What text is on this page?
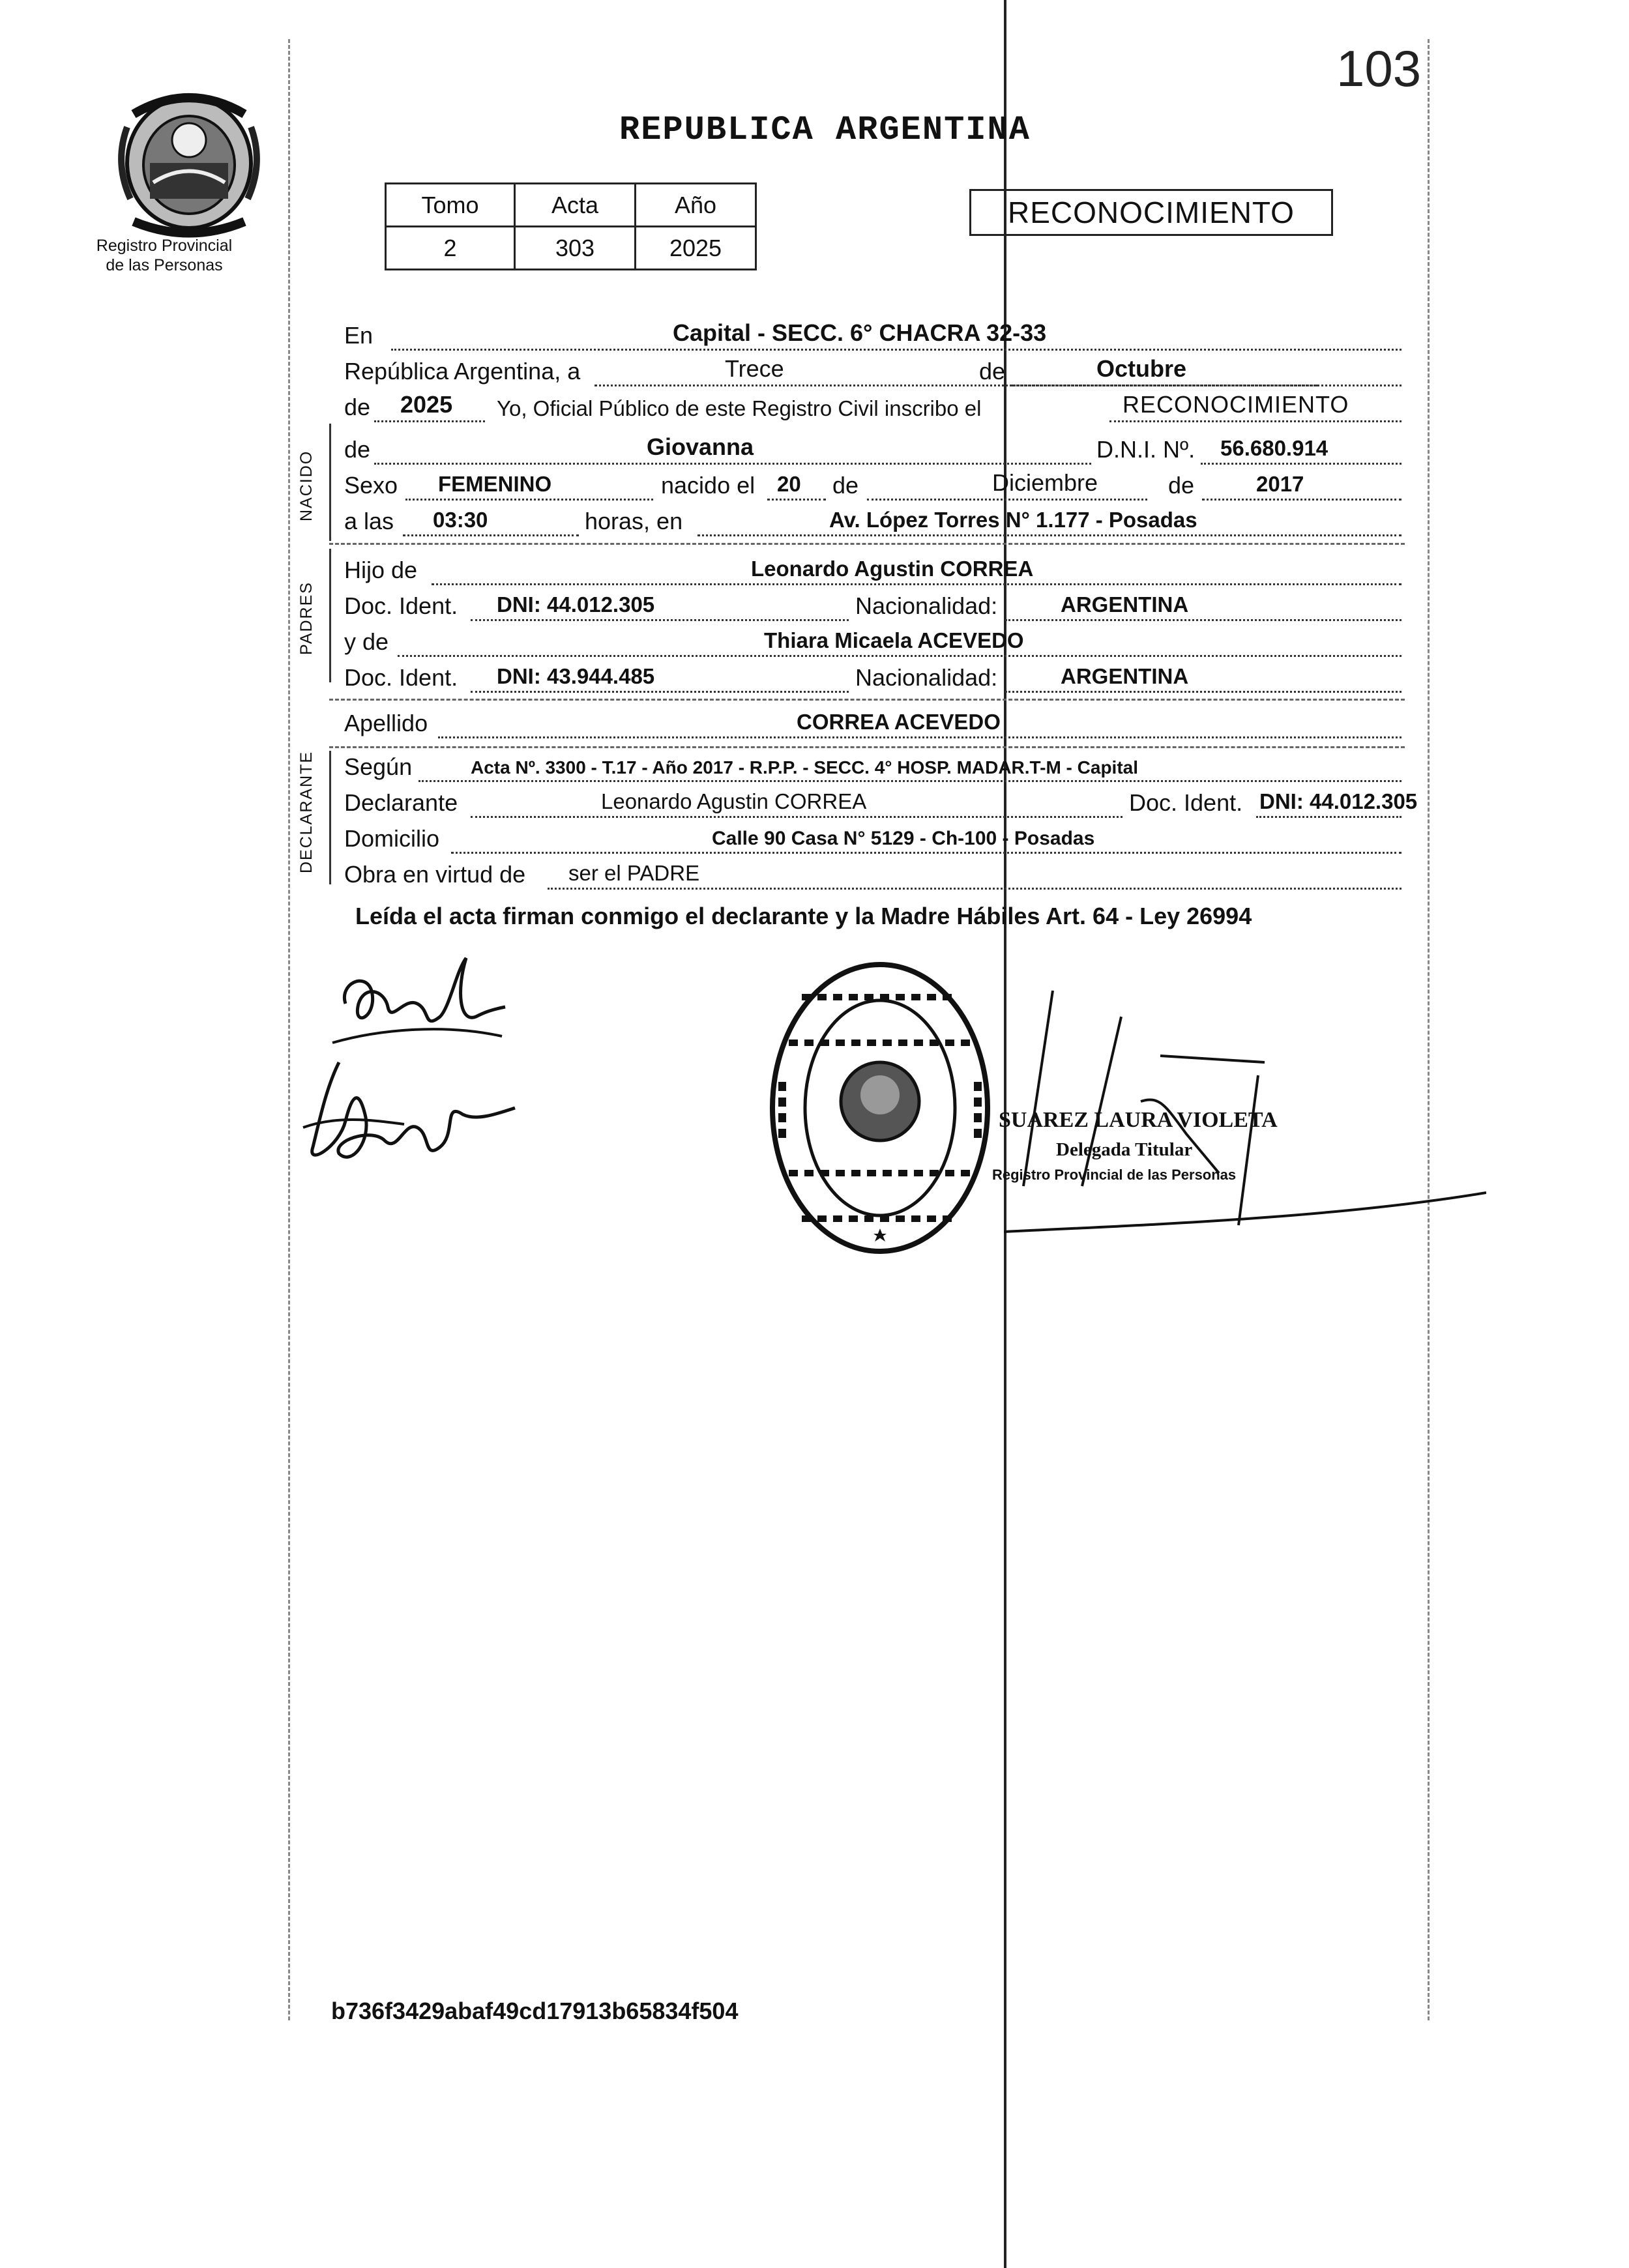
103
Registro Provincial
de las Personas
REPUBLICA ARGENTINA
Tomo	Acta	Año
2	303	2025
RECONOCIMIENTO
En	Capital - SECC. 6° CHACRA 32-33
República Argentina, a	Trece	de	Octubre
de 2025 Yo, Oficial Público de este Registro Civil inscribo el	RECONOCIMIENTO
NACIDO
de	Giovanna	D.N.I. Nº. 56.680.914
Sexo FEMENINO	nacido el 20 de	Diciembre	de	2017
a las 03:30	horas, en	Av. López Torres N° 1.177 - Posadas
PADRES
Hijo de	Leonardo Agustin CORREA
Doc. Ident. DNI: 44.012.305	Nacionalidad:	ARGENTINA
y de	Thiara Micaela ACEVEDO
Doc. Ident. DNI: 43.944.485	Nacionalidad:	ARGENTINA
Apellido	CORREA ACEVEDO
DECLARANTE Según	Acta Nº. 3300 - T.17 - Año 2017 - R.P.P. - SECC. 4° HOSP. MADAR.T-M - Capital
Declarante	Leonardo Agustin CORREA	Doc. Ident. DNI: 44.012.305
Domicilio	Calle 90 Casa N° 5129 - Ch-100 - Posadas
Obra en virtud de ser el PADRE
Leída el acta firman conmigo el declarante y la Madre Hábiles Art. 64 - Ley 26994
SUAREZ LAURA VIOLETA
Delegada Titular
Registro Provincial de las Personas
b736f3429abaf49cd17913b65834f504
